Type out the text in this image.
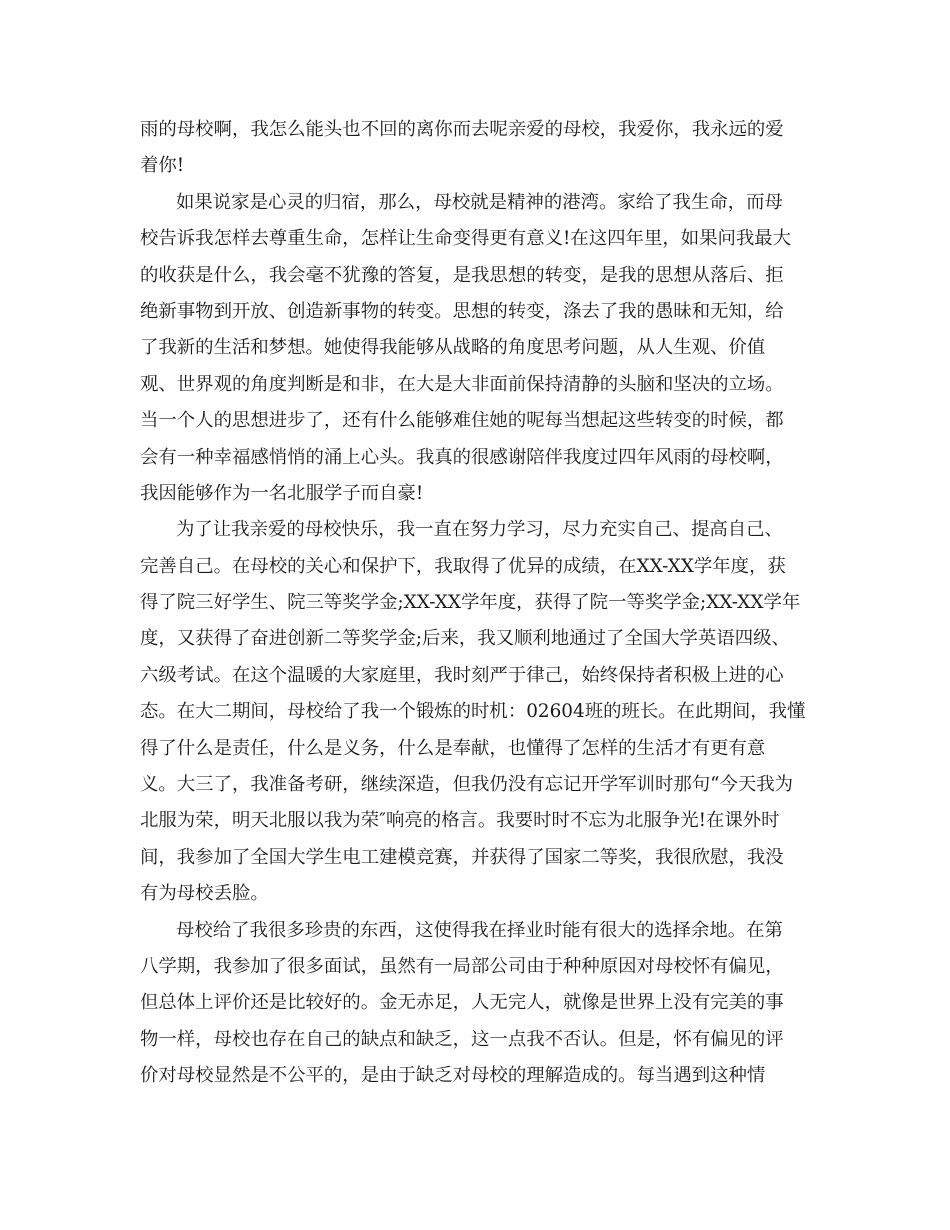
雨的母校啊，我怎么能头也不回的离你而去呢亲爱的母校，我爱你，我永远的爱
着你!
如果说家是心灵的归宿，那么，母校就是精神的港湾。家给了我生命，而母
校告诉我怎样去尊重生命，怎样让生命变得更有意义!在这四年里，如果问我最大
的收获是什么，我会毫不犹豫的答复，是我思想的转变，是我的思想从落后、拒
绝新事物到开放、创造新事物的转变。思想的转变，涤去了我的愚昧和无知，给
了我新的生活和梦想。她使得我能够从战略的角度思考问题，从人生观、价值
观、世界观的角度判断是和非，在大是大非面前保持清静的头脑和坚决的立场。
当一个人的思想进步了，还有什么能够难住她的呢每当想起这些转变的时候，都
会有一种幸福感悄悄的涌上心头。我真的很感谢陪伴我度过四年风雨的母校啊，
我因能够作为一名北服学子而自豪!
为了让我亲爱的母校快乐，我一直在努力学习，尽力充实自己、提高自己、
完善自己。在母校的关心和保护下，我取得了优异的成绩，在XX-XX学年度，获
得了院三好学生、院三等奖学金;XX-XX学年度，获得了院一等奖学金;XX-XX学年
度，又获得了奋进创新二等奖学金;后来，我又顺利地通过了全国大学英语四级、
六级考试。在这个温暖的大家庭里，我时刻严于律己，始终保持者积极上进的心
态。在大二期间，母校给了我一个锻炼的时机：02604班的班长。在此期间，我懂
得了什么是责任，什么是义务，什么是奉献，也懂得了怎样的生活才有更有意
义。大三了，我准备考研，继续深造，但我仍没有忘记开学军训时那句“今天我为
北服为荣，明天北服以我为荣″响亮的格言。我要时时不忘为北服争光!在课外时
间，我参加了全国大学生电工建模竞赛，并获得了国家二等奖，我很欣慰，我没
有为母校丢脸。
母校给了我很多珍贵的东西，这使得我在择业时能有很大的选择余地。在第
八学期，我参加了很多面试，虽然有一局部公司由于种种原因对母校怀有偏见，
但总体上评价还是比较好的。金无赤足，人无完人，就像是世界上没有完美的事
物一样，母校也存在自己的缺点和缺乏，这一点我不否认。但是，怀有偏见的评
价对母校显然是不公平的，是由于缺乏对母校的理解造成的。每当遇到这种情
